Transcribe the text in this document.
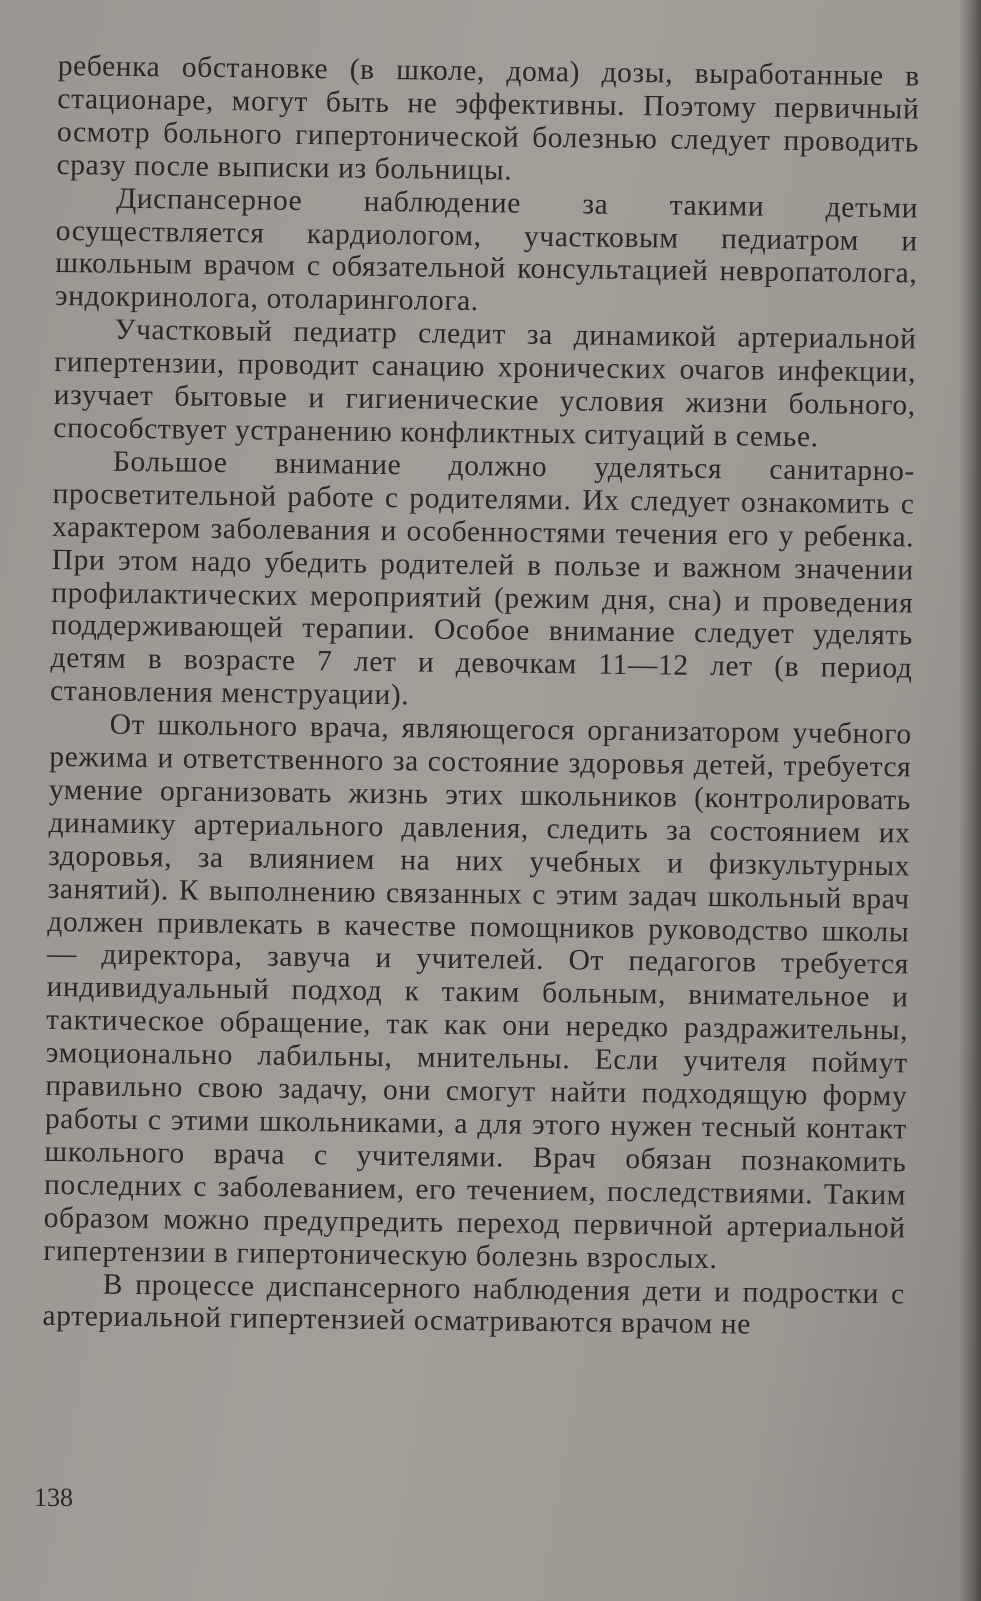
ребенка обстановке (в школе, дома) дозы, выработанные в стационаре, могут быть не эффективны. Поэтому первичный осмотр больного гипертонической болезнью следует проводить сразу после выписки из больницы.

Диспансерное наблюдение за такими детьми осуществляется кардиологом, участковым педиатром и школьным врачом с обязательной консультацией невропатолога, эндокринолога, отоларинголога.

Участковый педиатр следит за динамикой артериальной гипертензии, проводит санацию хронических очагов инфекции, изучает бытовые и гигиенические условия жизни больного, способствует устранению конфликтных ситуаций в семье.

Большое внимание должно уделяться санитарно-просветительной работе с родителями. Их следует ознакомить с характером заболевания и особенностями течения его у ребенка. При этом надо убедить родителей в пользе и важном значении профилактических мероприятий (режим дня, сна) и проведения поддерживающей терапии. Особое внимание следует уделять детям в возрасте 7 лет и девочкам 11—12 лет (в период становления менструации).

От школьного врача, являющегося организатором учебного режима и ответственного за состояние здоровья детей, требуется умение организовать жизнь этих школьников (контролировать динамику артериального давления, следить за состоянием их здоровья, за влиянием на них учебных и физкультурных занятий). К выполнению связанных с этим задач школьный врач должен привлекать в качестве помощников руководство школы — директора, завуча и учителей. От педагогов требуется индивидуальный подход к таким больным, внимательное и тактическое обращение, так как они нередко раздражительны, эмоционально лабильны, мнительны. Если учителя поймут правильно свою задачу, они смогут найти подходящую форму работы с этими школьниками, а для этого нужен тесный контакт школьного врача с учителями. Врач обязан познакомить последних с заболеванием, его течением, последствиями. Таким образом можно предупредить переход первичной артериальной гипертензии в гипертоническую болезнь взрослых.

В процессе диспансерного наблюдения дети и подростки с артериальной гипертензией осматриваются врачом не

138
